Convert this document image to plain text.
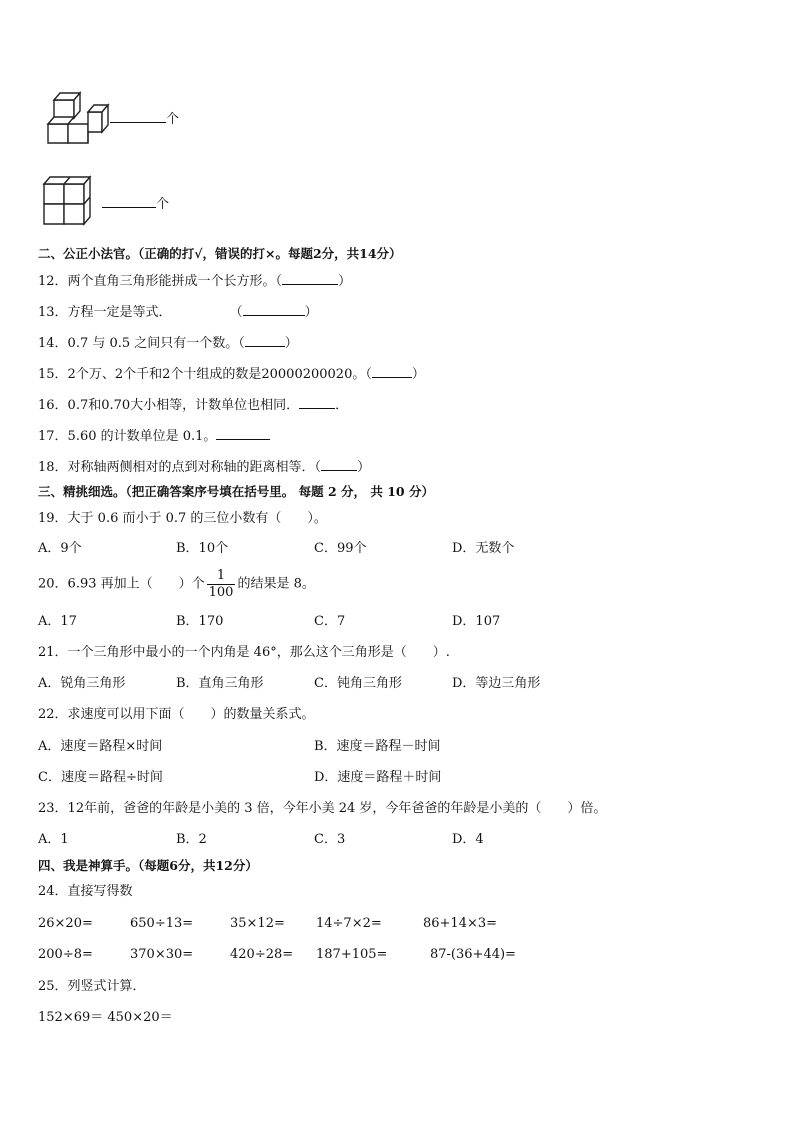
个
个
二、公正小法官。（正确的打√，错误的打×。每题2分，共14分）
12．两个直角三角形能拼成一个长方形。（	）
13．方程一定是等式．	（	）
14．0.7 与 0.5 之间只有一个数。（	）
15．2个万、2个千和2个十组成的数是20000200020。（	）
16．0.7和0.70大小相等，计数单位也相同．	．
17．5.60 的计数单位是 0.1。
18．对称轴两侧相对的点到对称轴的距离相等．（	）
三、精挑细选。（把正确答案序号填在括号里。 每题 2 分， 共 10 分）
19．大于 0.6 而小于 0.7 的三位小数有（　　）。
A．9个	B．10个	C．99个	D．无数个
20．6.93 再加上（　　）个 $\frac{1}{100}$ 的结果是 8。
A．17	B．170	C．7	D．107
21．一个三角形中最小的一个内角是 46°，那么这个三角形是（　　）.
A．锐角三角形	B．直角三角形	C．钝角三角形	D．等边三角形
22．求速度可以用下面（　　）的数量关系式。
A．速度＝路程×时间	B．速度＝路程－时间
C．速度＝路程÷时间	D．速度＝路程＋时间
23．12年前，爸爸的年龄是小美的 3 倍，今年小美 24 岁，今年爸爸的年龄是小美的（　　）倍。
A．1	B．2	C．3	D．4
四、我是神算手。（每题6分，共12分）
24．直接写得数
26×20=	650÷13=	35×12= 14÷7×2=	86+14×3=
200÷8=	370×30=	420÷28= 187+105=	87-(36+44)=
25．列竖式计算．
152×69＝ 450×20＝
